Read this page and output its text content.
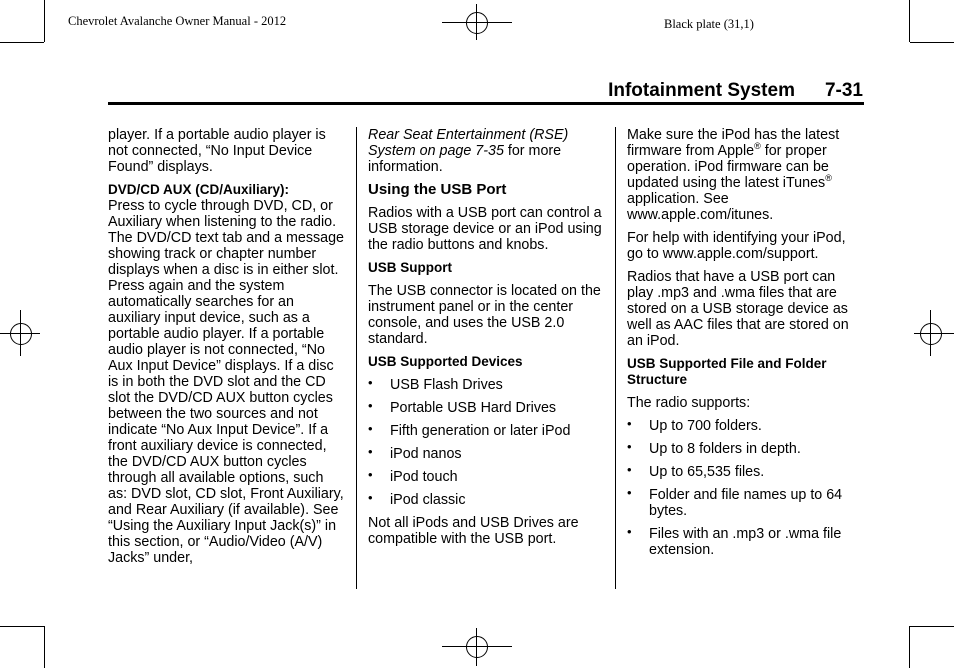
Chevrolet Avalanche Owner Manual - 2012	Black plate (31,1)
Infotainment System 7-31

player. If a portable audio player is not connected, “No Input Device Found” displays.

DVD/CD AUX (CD/Auxiliary):

Press to cycle through DVD, CD, or Auxiliary when listening to the radio. The DVD/CD text tab and a message showing track or chapter number displays when a disc is in either slot. Press again and the system automatically searches for an auxiliary input device, such as a portable audio player. If a portable audio player is not connected, “No Aux Input Device” displays. If a disc is in both the DVD slot and the CD slot the DVD/CD AUX button cycles between the two sources and not indicate “No Aux Input Device”. If a front auxiliary device is connected, the DVD/CD AUX button cycles through all available options, such as: DVD slot, CD slot, Front Auxiliary, and Rear Auxiliary (if available). See “Using the Auxiliary Input Jack(s)” in this section, or “Audio/Video (A/V) Jacks” under,

Rear Seat Entertainment (RSE) System on page 7‑35 for more information.

Using the USB Port

Radios with a USB port can control a USB storage device or an iPod using the radio buttons and knobs.

USB Support

The USB connector is located on the instrument panel or in the center console, and uses the USB 2.0 standard.

USB Supported Devices
• USB Flash Drives
• Portable USB Hard Drives
• Fifth generation or later iPod
• iPod nanos
• iPod touch
• iPod classic

Not all iPods and USB Drives are compatible with the USB port.

Make sure the iPod has the latest firmware from Apple® for proper operation. iPod firmware can be updated using the latest iTunes® application. See www.apple.com/itunes.

For help with identifying your iPod, go to www.apple.com/support.

Radios that have a USB port can play .mp3 and .wma files that are stored on a USB storage device as well as AAC files that are stored on an iPod.

USB Supported File and Folder Structure

The radio supports:

• Up to 700 folders.
• Up to 8 folders in depth.
• Up to 65,535 files.
• Folder and file names up to 64 bytes.
• Files with an .mp3 or .wma file extension.
